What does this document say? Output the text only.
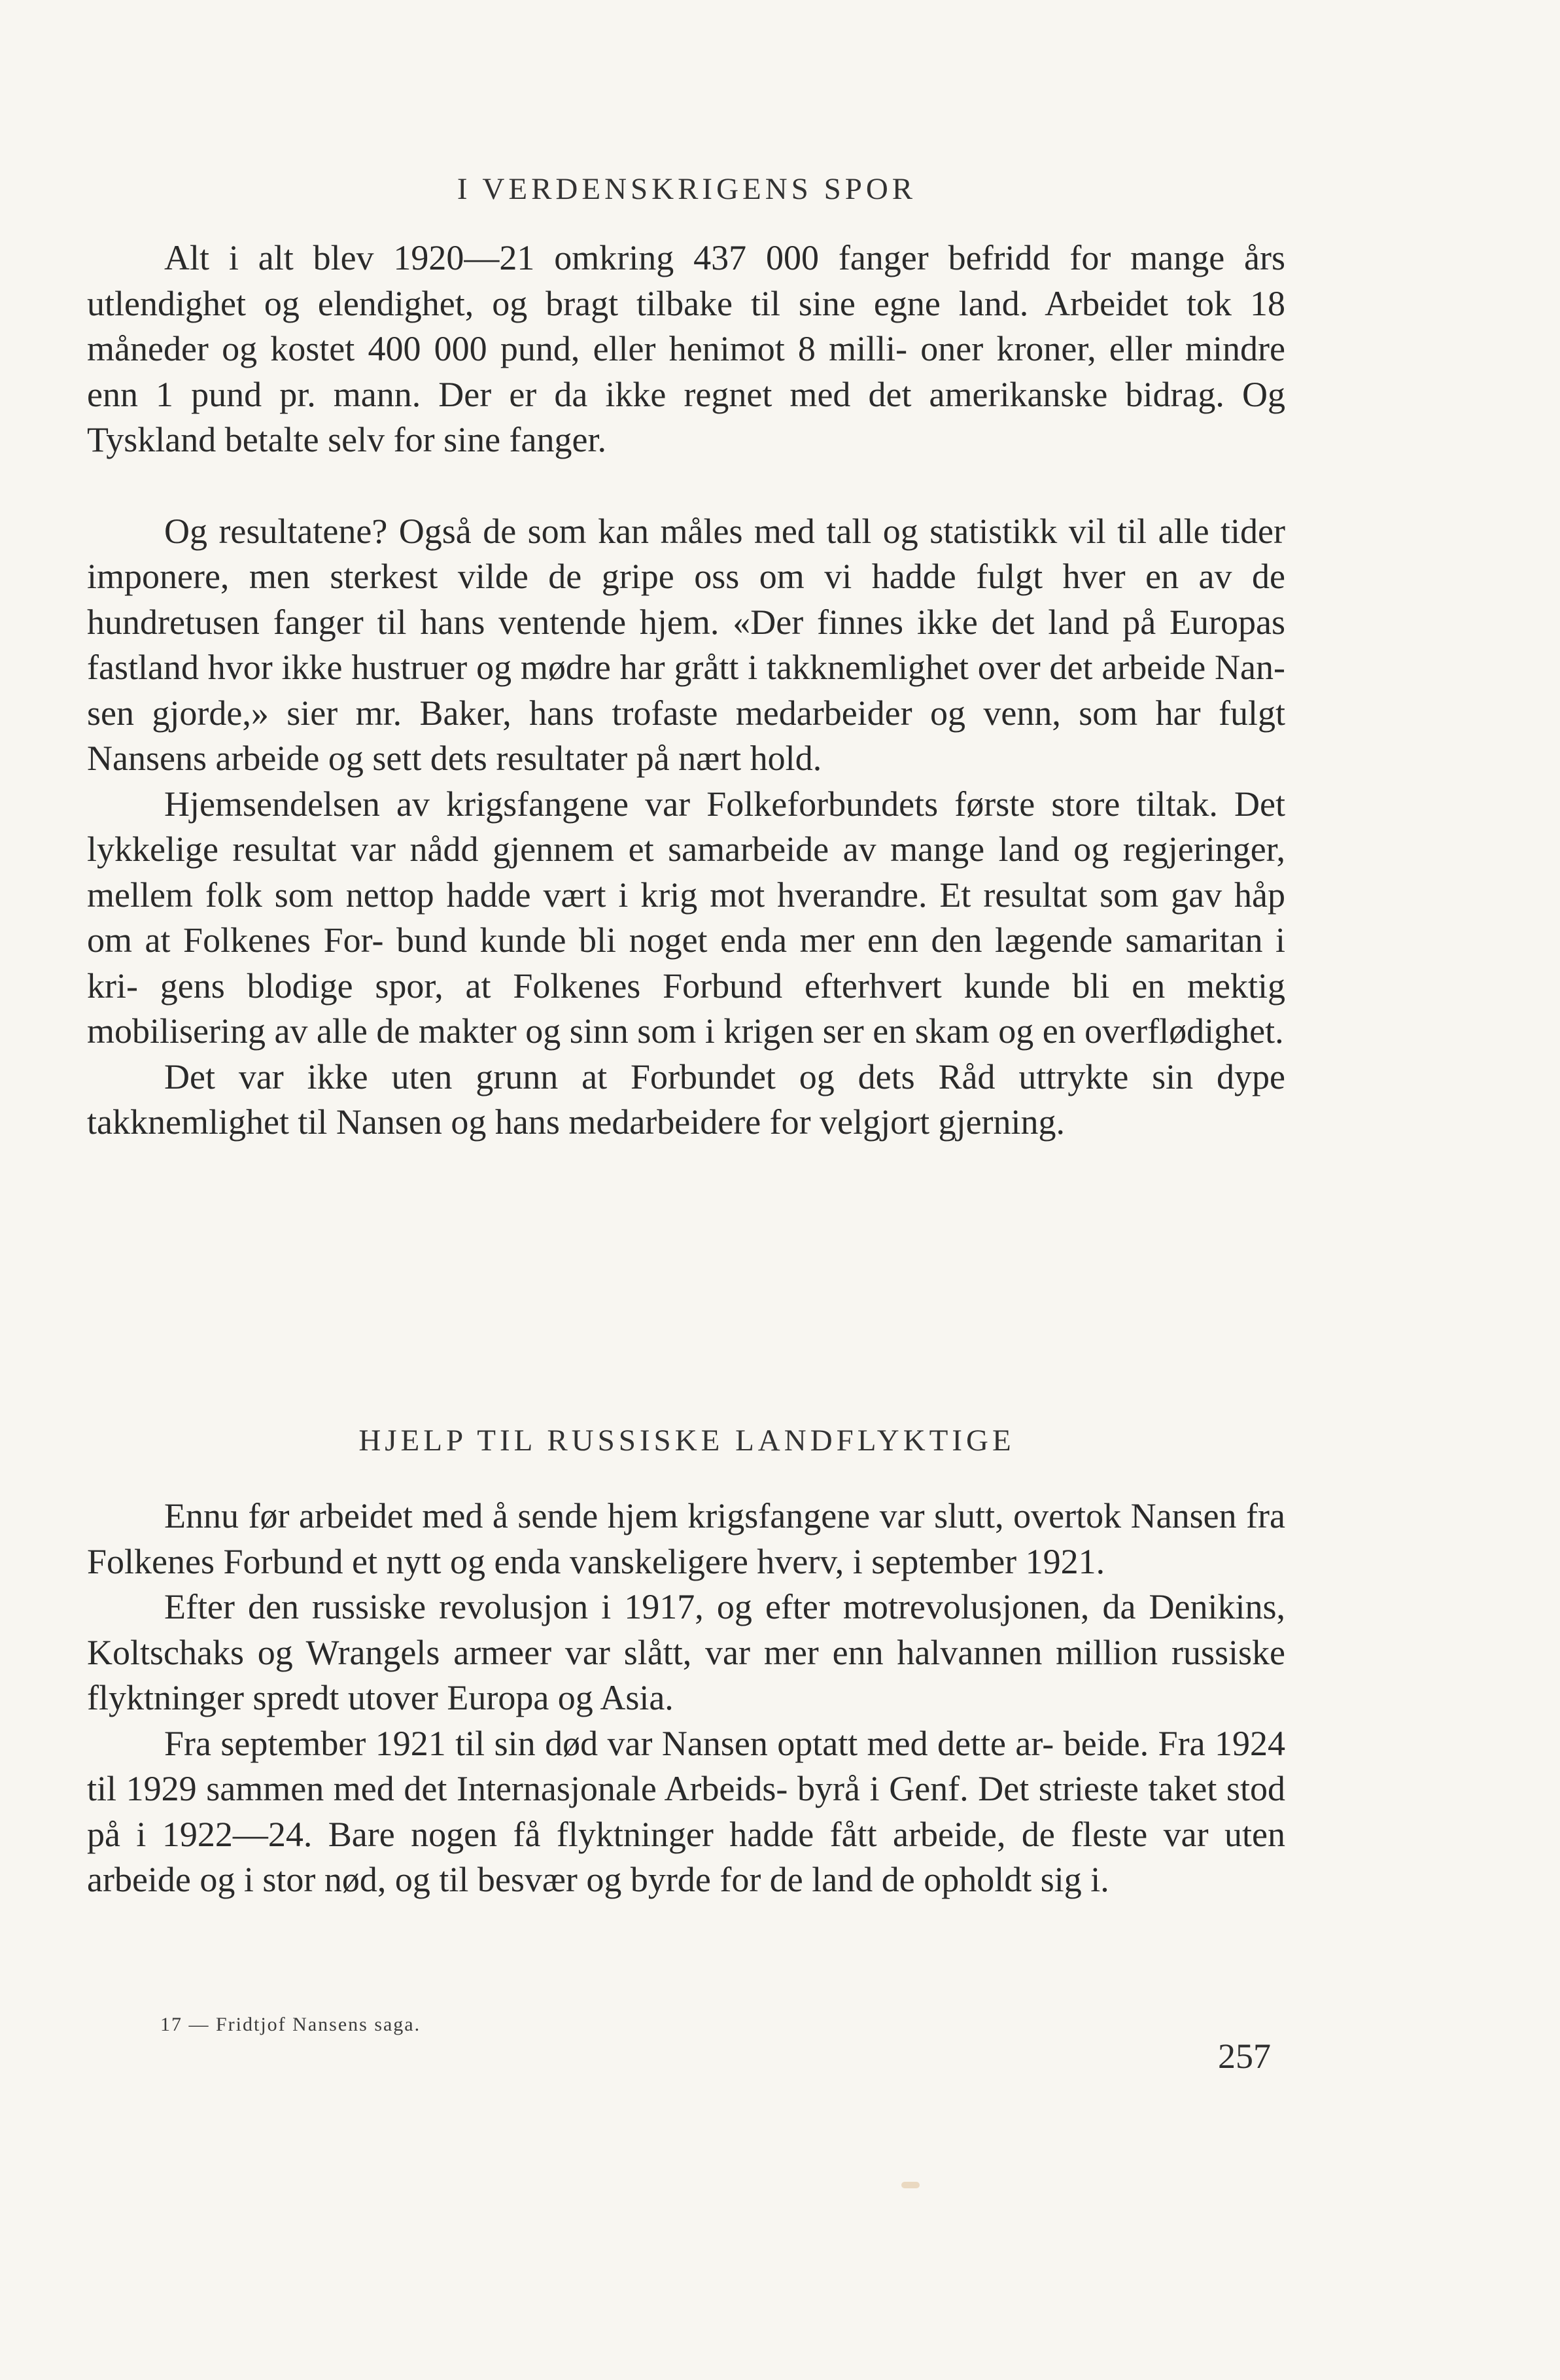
I VERDENSKRIGENS SPOR

Alt i alt blev 1920—21 omkring 437 000 fanger befridd for mange års utlendighet og elendighet, og bragt tilbake til sine egne land. Arbeidet tok 18 måneder og kostet 400 000 pund, eller henimot 8 milli- oner kroner, eller mindre enn 1 pund pr. mann. Der er da ikke regnet med det amerikanske bidrag. Og Tyskland betalte selv for sine fanger.

Og resultatene? Også de som kan måles med tall og statistikk vil til alle tider imponere, men sterkest vilde de gripe oss om vi hadde fulgt hver en av de hundretusen fanger til hans ventende hjem. «Der finnes ikke det land på Europas fastland hvor ikke hustruer og mødre har grått i takknemlighet over det arbeide Nan- sen gjorde,» sier mr. Baker, hans trofaste medarbeider og venn, som har fulgt Nansens arbeide og sett dets resultater på nært hold.

Hjemsendelsen av krigsfangene var Folkeforbundets første store tiltak. Det lykkelige resultat var nådd gjennem et samarbeide av mange land og regjeringer, mellem folk som nettop hadde vært i krig mot hverandre. Et resultat som gav håp om at Folkenes For- bund kunde bli noget enda mer enn den lægende samaritan i kri- gens blodige spor, at Folkenes Forbund efterhvert kunde bli en mektig mobilisering av alle de makter og sinn som i krigen ser en skam og en overflødighet.

Det var ikke uten grunn at Forbundet og dets Råd uttrykte sin dype takknemlighet til Nansen og hans medarbeidere for velgjort gjerning.

HJELP TIL RUSSISKE LANDFLYKTIGE

Ennu før arbeidet med å sende hjem krigsfangene var slutt, overtok Nansen fra Folkenes Forbund et nytt og enda vanskeligere hverv, i september 1921.

Efter den russiske revolusjon i 1917, og efter motrevolusjonen, da Denikins, Koltschaks og Wrangels armeer var slått, var mer enn halvannen million russiske flyktninger spredt utover Europa og Asia.

Fra september 1921 til sin død var Nansen optatt med dette ar- beide. Fra 1924 til 1929 sammen med det Internasjonale Arbeids- byrå i Genf. Det strieste taket stod på i 1922—24. Bare nogen få flyktninger hadde fått arbeide, de fleste var uten arbeide og i stor nød, og til besvær og byrde for de land de opholdt sig i.

17 — Fridtjof Nansens saga.
257
